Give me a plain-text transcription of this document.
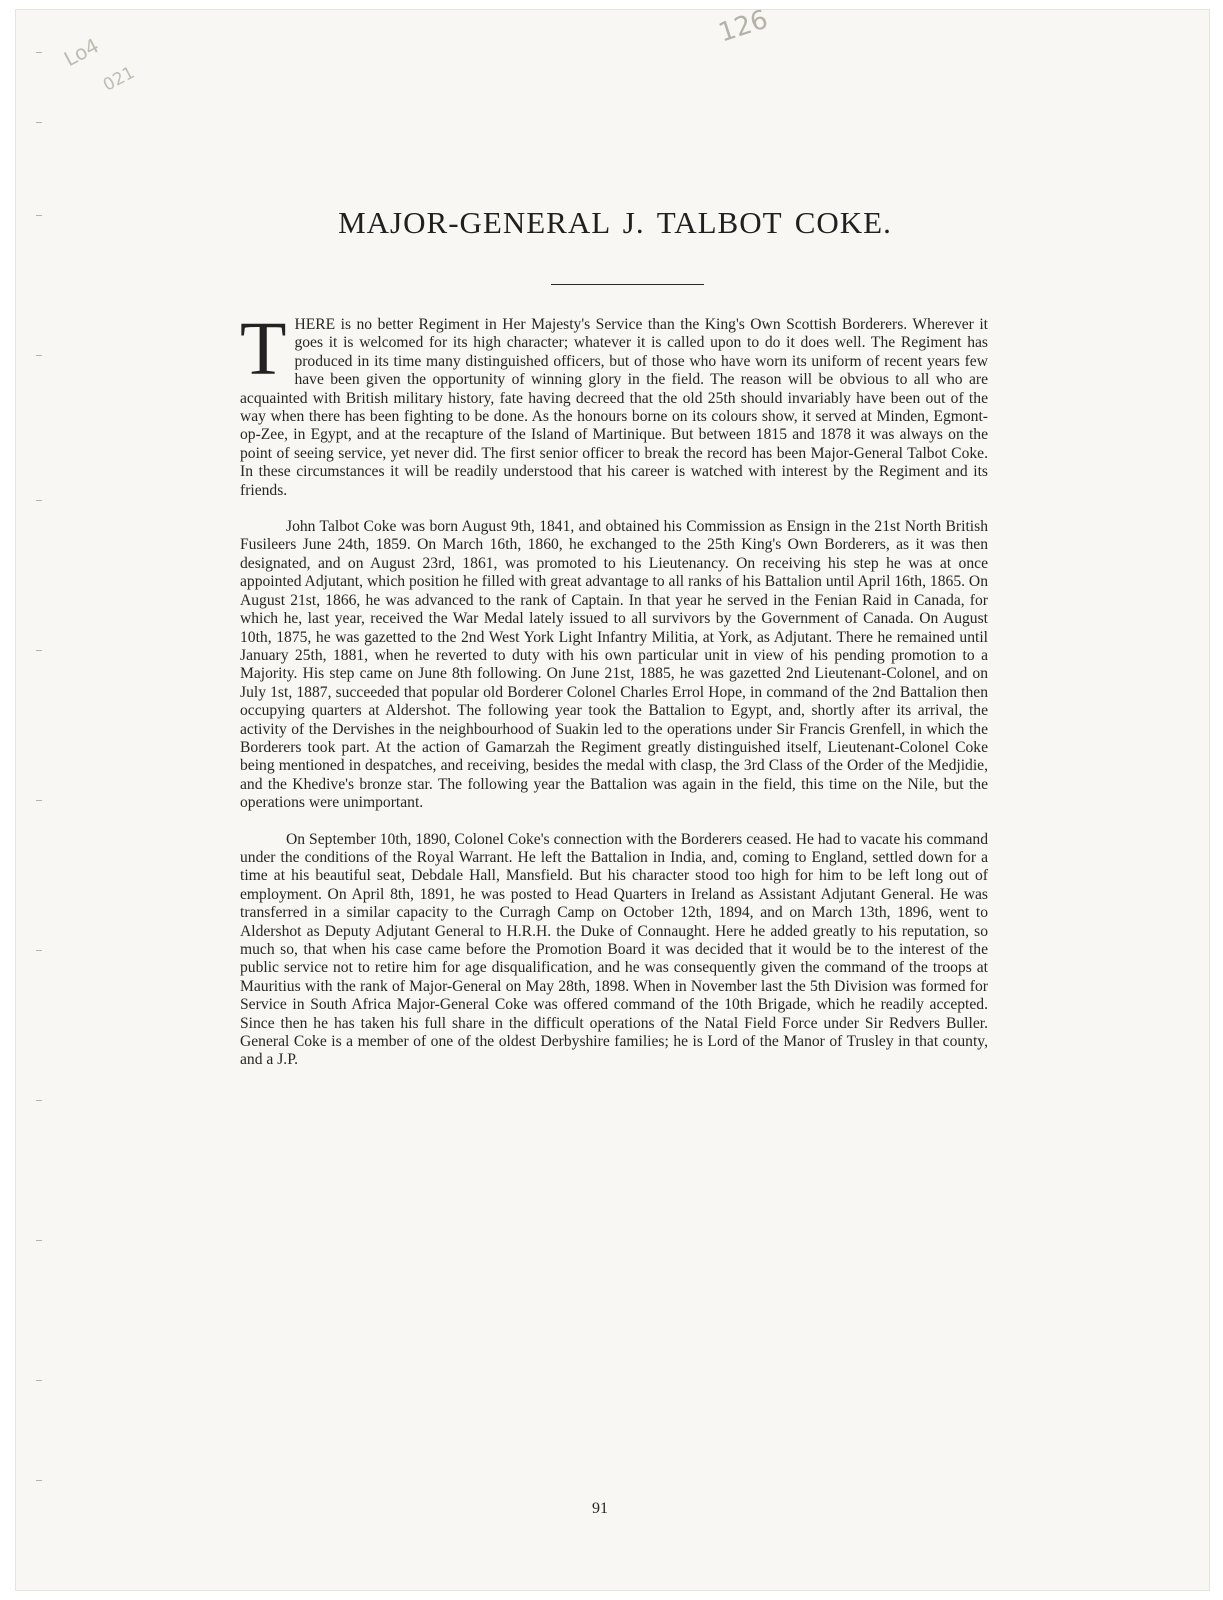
Lo4
021
126
MAJOR-GENERAL J. TALBOT COKE.

THERE is no better Regiment in Her Majesty's Service than the King's Own Scottish Borderers. Wherever it goes it is welcomed for its high character; whatever it is called upon to do it does well. The Regiment has produced in its time many distinguished officers, but of those who have worn its uniform of recent years few have been given the opportunity of winning glory in the field. The reason will be obvious to all who are acquainted with British military history, fate having decreed that the old 25th should invariably have been out of the way when there has been fighting to be done. As the honours borne on its colours show, it served at Minden, Egmont-op-Zee, in Egypt, and at the recapture of the Island of Martinique. But between 1815 and 1878 it was always on the point of seeing service, yet never did. The first senior officer to break the record has been Major-General Talbot Coke. In these circumstances it will be readily understood that his career is watched with interest by the Regiment and its friends.

John Talbot Coke was born August 9th, 1841, and obtained his Commission as Ensign in the 21st North British Fusileers June 24th, 1859. On March 16th, 1860, he exchanged to the 25th King's Own Borderers, as it was then designated, and on August 23rd, 1861, was promoted to his Lieutenancy. On receiving his step he was at once appointed Adjutant, which position he filled with great advantage to all ranks of his Battalion until April 16th, 1865. On August 21st, 1866, he was advanced to the rank of Captain. In that year he served in the Fenian Raid in Canada, for which he, last year, received the War Medal lately issued to all survivors by the Government of Canada. On August 10th, 1875, he was gazetted to the 2nd West York Light Infantry Militia, at York, as Adjutant. There he remained until January 25th, 1881, when he reverted to duty with his own particular unit in view of his pending promotion to a Majority. His step came on June 8th following. On June 21st, 1885, he was gazetted 2nd Lieutenant-Colonel, and on July 1st, 1887, succeeded that popular old Borderer Colonel Charles Errol Hope, in command of the 2nd Battalion then occupying quarters at Aldershot. The following year took the Battalion to Egypt, and, shortly after its arrival, the activity of the Dervishes in the neighbourhood of Suakin led to the operations under Sir Francis Grenfell, in which the Borderers took part. At the action of Gamarzah the Regiment greatly distinguished itself, Lieutenant-Colonel Coke being mentioned in despatches, and receiving, besides the medal with clasp, the 3rd Class of the Order of the Medjidie, and the Khedive's bronze star. The following year the Battalion was again in the field, this time on the Nile, but the operations were unimportant.

On September 10th, 1890, Colonel Coke's connection with the Borderers ceased. He had to vacate his command under the conditions of the Royal Warrant. He left the Battalion in India, and, coming to England, settled down for a time at his beautiful seat, Debdale Hall, Mansfield. But his character stood too high for him to be left long out of employment. On April 8th, 1891, he was posted to Head Quarters in Ireland as Assistant Adjutant General. He was transferred in a similar capacity to the Curragh Camp on October 12th, 1894, and on March 13th, 1896, went to Aldershot as Deputy Adjutant General to H.R.H. the Duke of Connaught. Here he added greatly to his reputation, so much so, that when his case came before the Promotion Board it was decided that it would be to the interest of the public service not to retire him for age disqualification, and he was consequently given the command of the troops at Mauritius with the rank of Major-General on May 28th, 1898. When in November last the 5th Division was formed for Service in South Africa Major-General Coke was offered command of the 10th Brigade, which he readily accepted. Since then he has taken his full share in the difficult operations of the Natal Field Force under Sir Redvers Buller. General Coke is a member of one of the oldest Derbyshire families; he is Lord of the Manor of Trusley in that county, and a J.P.

91
